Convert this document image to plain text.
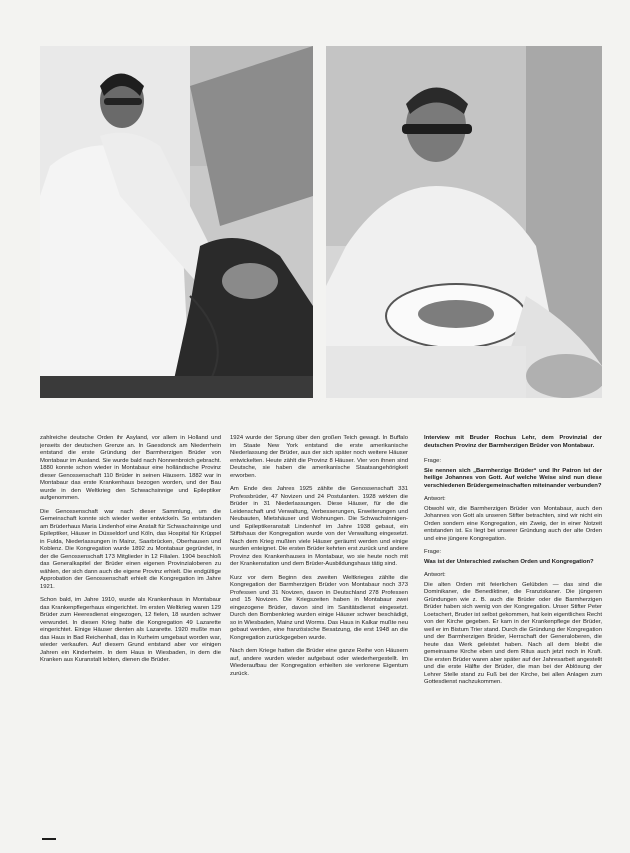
zahlreiche deutsche Orden ihr Asyland, vor allem in Holland und jenseits der deutschen Grenze an. In Gaesdonck am Niederrhein entstand die erste Gründung der Barmherzigen Brüder von Montabaur im Ausland. Sie wurde bald nach Nonnenbroich gebracht. 1880 konnte schon wieder in Montabaur eine holländische Provinz dieser Genossenschaft 110 Brüder in seinen Häusern. 1882 war in Montabaur das erste Krankenhaus bezogen worden, und der Bau wurde in den Weltkrieg den Schwachsinnige und Epileptiker aufgenommen.

Die Genossenschaft war nach dieser Sammlung, um die Gemeinschaft konnte sich wieder weiter entwickeln. So entstanden am Brüderhaus Maria Lindenhof eine Anstalt für Schwachsinnige und Epileptiker, Häuser in Düsseldorf und Köln, das Hospital für Krüppel in Fulda, Niederlassungen in Mainz, Saarbrücken, Oberhausen und Koblenz. Die Kongregation wurde 1892 zu Montabaur gegründet, in der die Genossenschaft 173 Mitglieder in 12 Filialen. 1904 beschloß das Generalkapitel der Brüder einen eigenen Provinzialoberen zu wählen, der sich dann auch die eigene Provinz erhielt. Die endgültige Approbation der Genossenschaft erhielt die Kongregation im Jahre 1921.

Schon bald, im Jahre 1910, wurde als Krankenhaus in Montabaur das Krankenpflegerhaus eingerichtet. Im ersten Weltkrieg waren 129 Brüder zum Heeresdienst eingezogen, 12 fielen, 18 wurden schwer verwundet. In diesen Krieg hatte die Kongregation 49 Lazarette eingerichtet. Einige Häuser dienten als Lazarette. 1920 mußte man das Haus in Bad Reichenhall, das in Kurheim umgebaut worden war, wieder verkaufen. Auf diesem Grund entstand aber vor einigen Jahren ein Kinderheim. In dem Haus in Wiesbaden, in dem die Kranken aus Kuranstalt lebten, dienen die Brüder.

1924 wurde der Sprung über den großen Teich gewagt. In Buffalo im Staate New York entstand die erste amerikanische Niederlassung der Brüder, aus der sich später noch weitere Häuser entwickelten. Heute zählt die Provinz 8 Häuser. Vier von ihnen sind Deutsche, sie haben die amerikanische Staatsangehörigkeit erworben.

Am Ende des Jahres 1925 zählte die Genossenschaft 331 Professbrüder, 47 Novizen und 24 Postulanten. 1928 wirkten die Brüder in 31 Niederlassungen. Diese Häuser, für die die Leidenschaft und Verwaltung, Verbesserungen, Erweiterungen und Neubauten, Mietshäuser und Wohnungen. Die Schwachsinnigen- und Epileptikeranstalt Lindenhof im Jahre 1938 gebaut, ein Stiftshaus der Kongregation wurde von der Verwaltung eingesetzt. Nach dem Krieg mußten viele Häuser geräumt werden und einige wurden enteignet. Die ersten Brüder kehrten erst zurück und andere Provinz des Krankenhauses in Montabaur, wo sie heute noch mit der Krankenstation und dem Brüder-Ausbildungshaus tätig sind.

Kurz vor dem Beginn des zweiten Weltkrieges zählte die Kongregation der Barmherzigen Brüder von Montabaur noch 373 Professen und 31 Novizen, davon in Deutschland 278 Professen und 15 Novizen. Die Kriegszeiten haben in Montabaur zwei eingezogene Brüder, davon sind im Sanitätsdienst eingesetzt. Durch den Bombenkrieg wurden einige Häuser schwer beschädigt, so in Wiesbaden, Mainz und Worms. Das Haus in Kalkar mußte neu gebaut werden, eine französische Besatzung, die erst 1948 an die Kongregation zurückgegeben wurde.

Nach dem Kriege hatten die Brüder eine ganze Reihe von Häusern auf, andere wurden wieder aufgebaut oder wiederhergestellt. Im Wiederaufbau der Kongregation erhielten sie verlorene Eigentum zurück.

Interview mit Bruder Rochus Lehr, dem Provinzial der deutschen Provinz der Barmherzigen Brüder von Montabaur.

Frage:

Sie nennen sich „Barmherzige Brüder“ und Ihr Patron ist der heilige Johannes von Gott. Auf welche Weise sind nun diese verschiedenen Brüdergemeinschaften miteinander verbunden?

Antwort:

Obwohl wir, die Barmherzigen Brüder von Montabaur, auch den Johannes von Gott als unseren Stifter betrachten, sind wir nicht ein Orden sondern eine Kongregation, ein Zweig, der in einer Notzeit entstanden ist. Es liegt bei unserer Gründung auch der alte Orden und eine jüngere Kongregation.

Frage:

Was ist der Unterschied zwischen Orden und Kongregation?

Antwort:

Die alten Orden mit feierlichen Gelübden — das sind die Dominikaner, die Benediktiner, die Franziskaner. Die jüngeren Gründungen wie z. B. auch die Brüder oder die Barmherzigen Brüder haben sich wenig von der Kongregation. Unser Stifter Peter Loetschert, Bruder ist selbst gekommen, hat kein eigentliches Recht von der Kirche gegeben. Er kam in der Krankenpflege der Brüder, weil er im Bistum Trier stand. Durch die Gründung der Kongregation und der Barmherzigen Brüder, Herrschaft der Generaloberen, die heute das Werk geleistet haben. Nach all dem bleibt die gemeinsame Kirche eben und dem Ritus auch jetzt noch in Kraft. Die ersten Brüder waren aber später auf der Jahresarbeit angestellt und die erste Hälfte der Brüder, die man bei der Ablösung der Lehrer Stelle stand zu Fuß bei der Kirche, bei allen Anlagen zum Gottesdienst nachzukommen.
